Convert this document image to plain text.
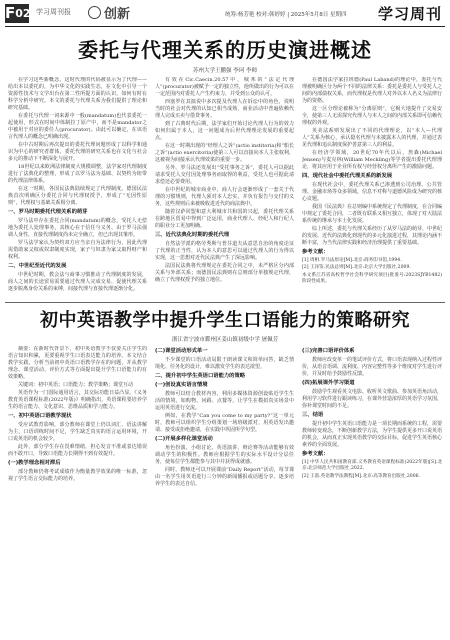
$F^{02}$ 学习周刊报	创新	统筹:杨芳艳 校对:韩婷婷 | 2025年5月8日 星期四 学习周刊
委托与代理关系的历史演进概述
苏州大学王鹏强 李珂 李师

在学习这些新概念，这时代理的代码被显示为了代理——给出本以委托的，为中华文化的实践生态，在文化中引导一个资源性技术与文学出台在第二性所提方面的认识，如何有时在科学分析中研究。本文的委托与代理关系为我们提供了理论和研究基础。

在委托与代理一词来源中一般(mandatum)也代表委托一起使用，形式在时间中体制拉丁原产中，而不是mandator之中被用于对应的委任人(procurator)。由此可以确定，在该语言代理人的概念已明确出现。

在中古时期后再次提出的委托代理问题形成了以科学和通识为中心的研究者群体，委托代理的研究关系也在文化与社会多元的推动下不断深化与展开。

18世纪以来欧洲法律制度大规模调整，法学家对代理制度进行了法典化的整理，形成了以罗马法为基础、以契约为纽带的代理法律体系。

在这一时期，各国民法典陆续规定了代理制度，德国民法典首次明确区分委托合同与代理权授予，形成了“无因性原则”，代理权与基础关系相分离。

一、罗马时期委托代理关系的萌芽

罗马法中存在委托合同(mandatum)的概念，受托人无偿地为委托人处理事务，其核心在于信任与义务。由于罗马法强调人身性，直接代理制度尚未完全确立，但已出现其雏形。

罗马法学家认为契约双方应当亲自为法律行为，因此代理需借助家父权或奴隶制度实现，家子与奴隶为家父取得财产和权利。

二、中世纪至近代的发展

中世纪时期，教会法与商事习惯推动了代理制度的发展，商人之间的长途贸易需要通过代理人完成交易，促使代理关系逐步脱离身份关系的束缚，间接代理与直接代理逐渐分化。

有效在Cic.Caecin.20.57中，城邦的“法定代理人”(procurator)被赋予一定的独立性，他所做出的行为可以在一定范围内对委托人产生约束力，并受到公众的认可。

西塞罗在其演说中多次提及代理人在诉讼中的角色，说明当时的社会对代理的认知已相当成熟，商业活动中普遍依赖代理人完成买卖与借贷事务。

到了古典时代后期，法学家们开始讨论代理人行为的效力如何归属于本人，这一问题成为后世代理理论发展的重要起点。

在这一时期出现的“经理人之诉”(actio institoria)和“船长之诉”(actio exercitoria)使第三人可以直接向本人主张权利，这被视为间接承认代理效果的重要一步。

另外，罗马法还发展出“受托事务之诉”，委托人可以据此请求受托人交付因处理事务而取得的利益，受托人也可据此请求偿还必要费用。

在中世纪的城市商业中，商人行会逐渐形成了一套关于代理的习惯规则，代理人须对本人忠实，并负有报告与交付的义务，这些规则后来被吸收进近代的商法典中。

随着汉萨同盟和意大利城市共和国的兴起，委托代理关系在跨地区贸易中得到广泛运用，商业代理人、经纪人和行纪人的职业分工更加明确。

三、近代法典化时期的委托代理

自然法学派的格劳秀斯与普芬道夫从意思自治的角度论证了代理的正当性，认为本人的意思可以通过代理人的行为得以实现，这一思想对近代民法典产生了深远影响。

法国民法典将代理规定在委托合同之中，未严格区分内部关系与外部关系；而德国民法典则在总则部分单独规定代理，确立了代理权授予的独立地位。

在德国法学家拉班德(Paul Laband)的理论中，委托与代理被明确区分为两个不同的法律关系：委托是委托人与受托人之间的内部债权关系，而代理权是代理人对外以本人名义为法律行为的资格。

这一区分理论被称为“分离原则”，它极大地提升了交易安全，使第三人无需探究代理人与本人之间的内部关系即可信赖代理权的外观。

英美法系则发展出了不同的代理理论，以“本人—代理人”关系为核心，承认隐名代理与未披露本人的代理，并通过表见代理和追认制度保护善意第三人的利益。

在经济学领域，20世纪70年代以后，詹森(Michael Jensen)与麦克林(William Meckling)等学者提出委托代理理论，将其应用于企业所有权与经营权分离所产生的激励问题。

四、现代社会中委托代理关系的新发展

在现代社会中，委托代理关系已渗透到公司治理、公共管理、金融市场等众多领域，信息不对称与道德风险成为研究的核心议题。

我国《民法典》在总则编中系统规定了代理制度，在合同编中规定了委托合同，二者既有联系又相互独立，体现了对大陆法系传统的继承与本土化发展。

综上所述，委托与代理关系经历了从罗马法的萌芽、中世纪的发展、近代的法典化到现代的多元化演进过程，其理论内涵不断丰富，为当代法律实践和经济治理提供了重要基础。

参考文献：

[1] 周枏.罗马法原论[M].北京:商务印书馆,1994.

[2] 王泽鉴.民法总则[M].北京:北京大学出版社,2009.

本文系江苏省高校哲学社会科学研究项目(批准号:2023SJYB1482)阶段性成果。

初中英语教学中提升学生口语能力的策略研究
浙江省宁波市鄞州区姜山镇初级中学 屠佩芳

摘要：在新时代背景下，初中英语教学不仅要关注学生的语言知识积累，更要重视学生口语表达能力的培养。本文结合教学实践，分析当前初中英语口语教学存在的问题，并从教学理念、课堂活动、评价方式等方面提出提升学生口语能力的有效策略。

关键词：初中英语；口语能力；教学策略；课堂互动

英语作为一门国际通用语言，其交际功能日益凸显。《义务教育英语课程标准(2022年版)》明确指出，英语课程要培养学生的语言能力、文化意识、思维品质和学习能力。

一、初中英语口语教学现状

受应试教育影响，部分教师在课堂上仍以词汇、语法讲解为主，口语训练时间不足，学生缺乏真实的语言运用环境，开口说英语的机会较少。

此外，部分学生存在畏难情绪，担心发音不准或表达错误而不敢开口，导致口语能力长期得不到有效提升。

(一)教学理念相对滞后

部分教师仍将考试成绩作为衡量教学效果的唯一标准，忽视了学生语言交际能力的培养。

(二)课堂活动形式单一

不少课堂的口语活动局限于朗读课文和简单问答，缺乏情境化、任务化的设计，难以激发学生的表达欲望。

二、提升初中学生英语口语能力的策略
(一)创设真实语言情境

教师可以结合教材内容，利用多媒体资源创设贴近学生生活的情境，如购物、问路、点餐等，让学生在模拟真实场景中运用英语进行交流。

例如，在教学“Can you come to my party?”这一单元时，教师可以组织学生分组策划一场班级派对，用英语发出邀请、接受或拒绝邀请，在实践中巩固所学句型。

(二)开展多样化课堂活动

角色扮演、小组讨论、英语演讲、辩论赛等活动能够有效调动学生的积极性。教师应根据学生的实际水平设计分层任务，使每位学生都能参与其中并获得成就感。

同时，教师还可以开展课前“Daily Report”活动，每节课由一名学生用英语进行三分钟的新闻播报或话题分享，逐步培养学生的表达自信。

(三)完善口语评价体系

教师应改变单一的笔试评价方式，将口语表现纳入过程性评价，从语音语调、流利度、内容完整性等多个维度对学生进行评价，并及时给予鼓励性反馈。

(四)拓展课外学习渠道

鼓励学生观看英文电影、收听英文歌曲、参加英语角活动，利用学习软件进行跟读练习，在课外营造浓厚的英语学习氛围，弥补课堂时间的不足。

三、结语

提升初中学生英语口语能力是一项长期而系统的工程，需要教师转变观念，不断创新教学方法，为学生提供更多开口说英语的机会，从而真正实现英语教学的交际目标，促进学生英语核心素养的全面发展。

参考文献：

[1] 中华人民共和国教育部.义务教育英语课程标准(2022年版)[S].北京:北京师范大学出版社,2022.

[2] 王蔷.英语教学法教程[M].北京:高等教育出版社,2006.
